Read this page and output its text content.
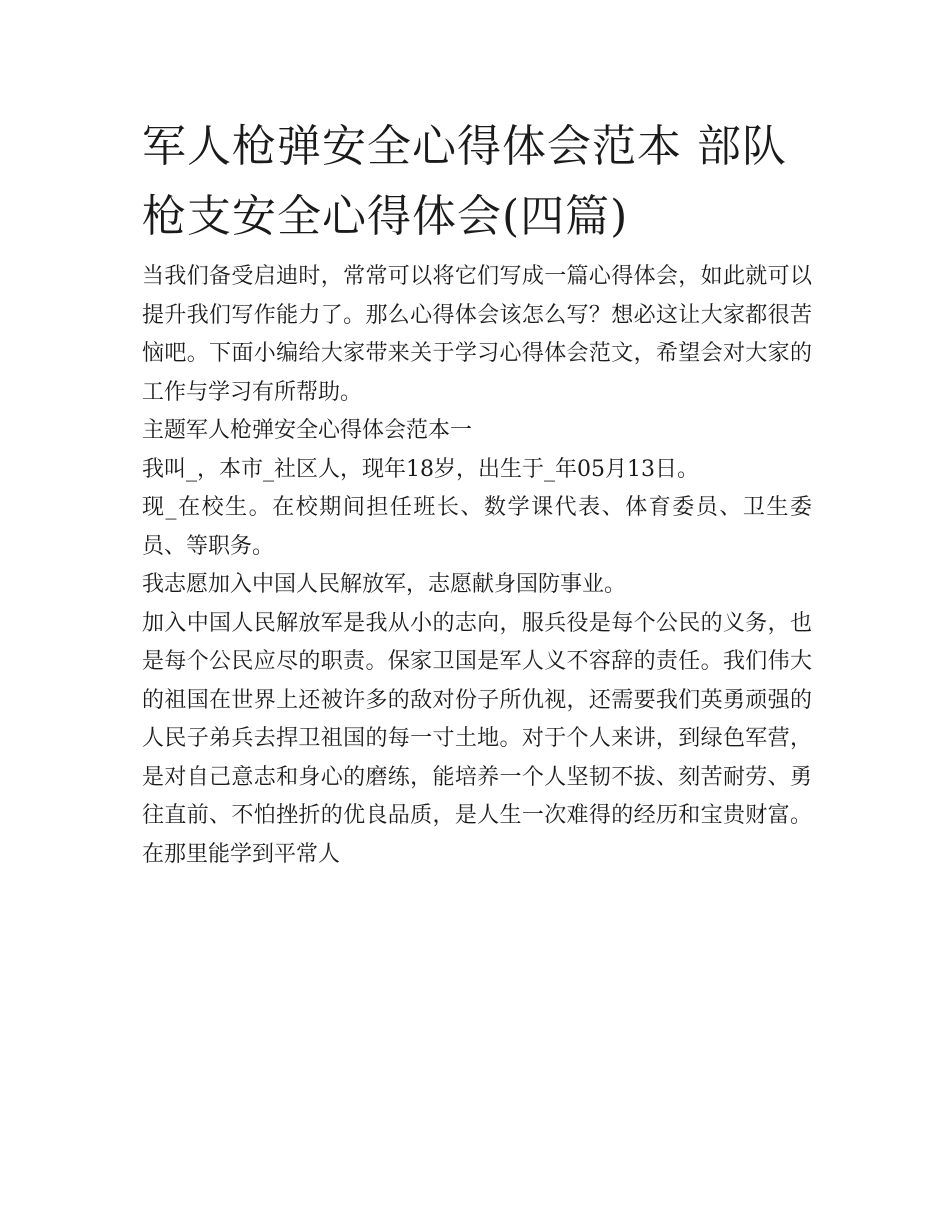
军人枪弹安全心得体会范本 部队枪支安全心得体会(四篇)

当我们备受启迪时，常常可以将它们写成一篇心得体会，如此就可以提升我们写作能力了。那么心得体会该怎么写？想必这让大家都很苦恼吧。下面小编给大家带来关于学习心得体会范文，希望会对大家的工作与学习有所帮助。

主题军人枪弹安全心得体会范本一

我叫_，本市_社区人，现年18岁，出生于_年05月13日。

现_在校生。在校期间担任班长、数学课代表、体育委员、卫生委员、等职务。

我志愿加入中国人民解放军，志愿献身国防事业。

加入中国人民解放军是我从小的志向，服兵役是每个公民的义务，也是每个公民应尽的职责。保家卫国是军人义不容辞的责任。我们伟大的祖国在世界上还被许多的敌对份子所仇视，还需要我们英勇顽强的人民子弟兵去捍卫祖国的每一寸土地。对于个人来讲，到绿色军营，是对自己意志和身心的磨练，能培养一个人坚韧不拔、刻苦耐劳、勇往直前、不怕挫折的优良品质，是人生一次难得的经历和宝贵财富。在那里能学到平常人
